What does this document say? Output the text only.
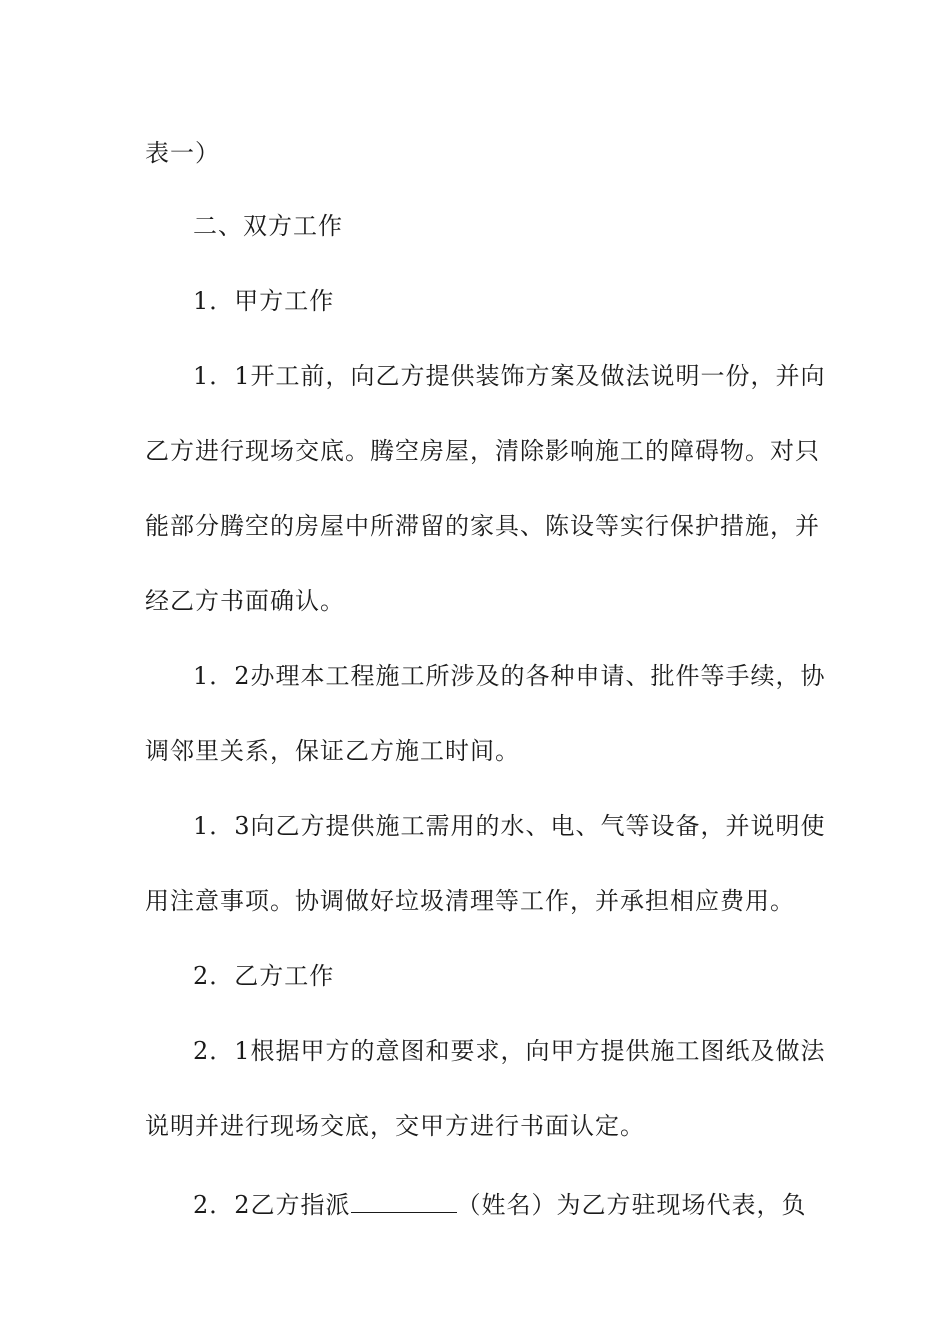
表一）
二、双方工作
1．甲方工作
1．1开工前，向乙方提供装饰方案及做法说明一份，并向
乙方进行现场交底。腾空房屋，清除影响施工的障碍物。对只
能部分腾空的房屋中所滞留的家具、陈设等实行保护措施，并
经乙方书面确认。
1．2办理本工程施工所涉及的各种申请、批件等手续，协
调邻里关系，保证乙方施工时间。
1．3向乙方提供施工需用的水、电、气等设备，并说明使
用注意事项。协调做好垃圾清理等工作，并承担相应费用。
2．乙方工作
2．1根据甲方的意图和要求，向甲方提供施工图纸及做法
说明并进行现场交底，交甲方进行书面认定。
2．2乙方指派	（姓名）为乙方驻现场代表，负
